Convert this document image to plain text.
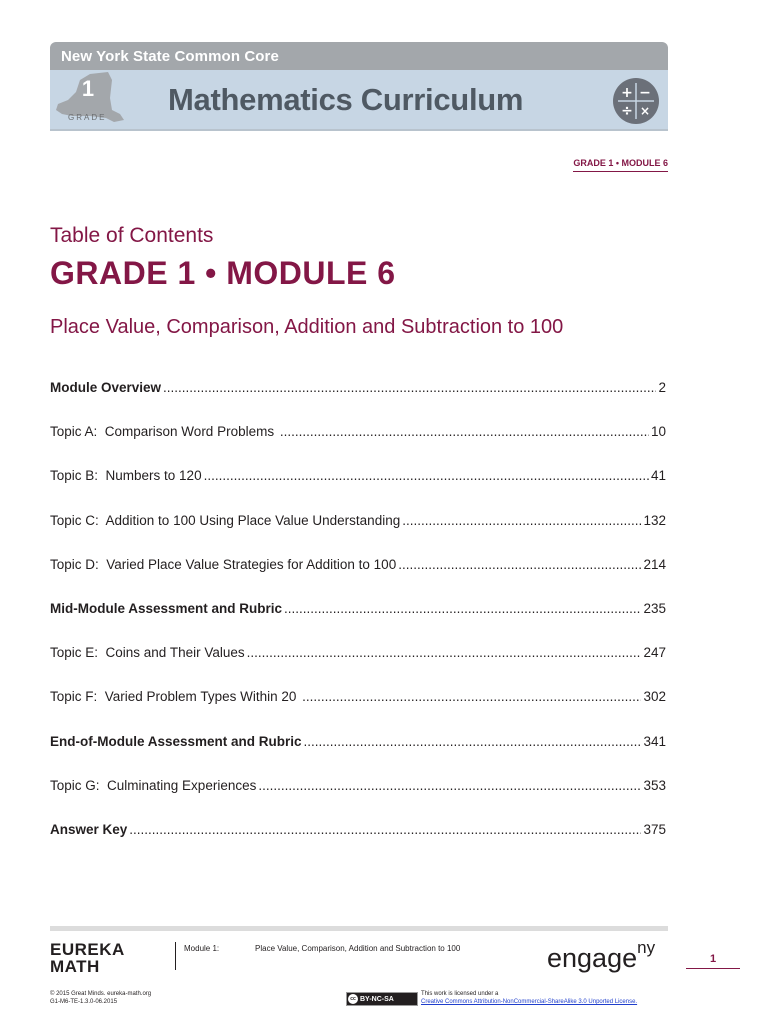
New York State Common Core
1
GRADE
Mathematics Curriculum	+ −
÷ ×
GRADE 1 • MODULE 6
Table of Contents
GRADE 1 • MODULE 6
Place Value, Comparison, Addition and Subtraction to 100
Module Overview .....	2
Topic A:  Comparison Word Problems .....	10
Topic B:  Numbers to 120 .....	41
Topic C:  Addition to 100 Using Place Value Understanding .....	132
Topic D:  Varied Place Value Strategies for Addition to 100 .....	214
Mid-Module Assessment and Rubric .....	235
Topic E:  Coins and Their Values .....	247
Topic F:  Varied Problem Types Within 20 .....	302
End-of-Module Assessment and Rubric .....	341
Topic G:  Culminating Experiences .....	353
Answer Key .....	375
EUREKA
MATH
Module 1:	Place Value, Comparison, Addition and Subtraction to 100	engage$^{ny}$
1
© 2015 Great Minds. eureka-math.org
G1-M6-TE-1.3.0-06.2015	cc BY-NC-SA
This work is licensed under a
Creative Commons Attribution-NonCommercial-ShareAlike 3.0 Unported License.
